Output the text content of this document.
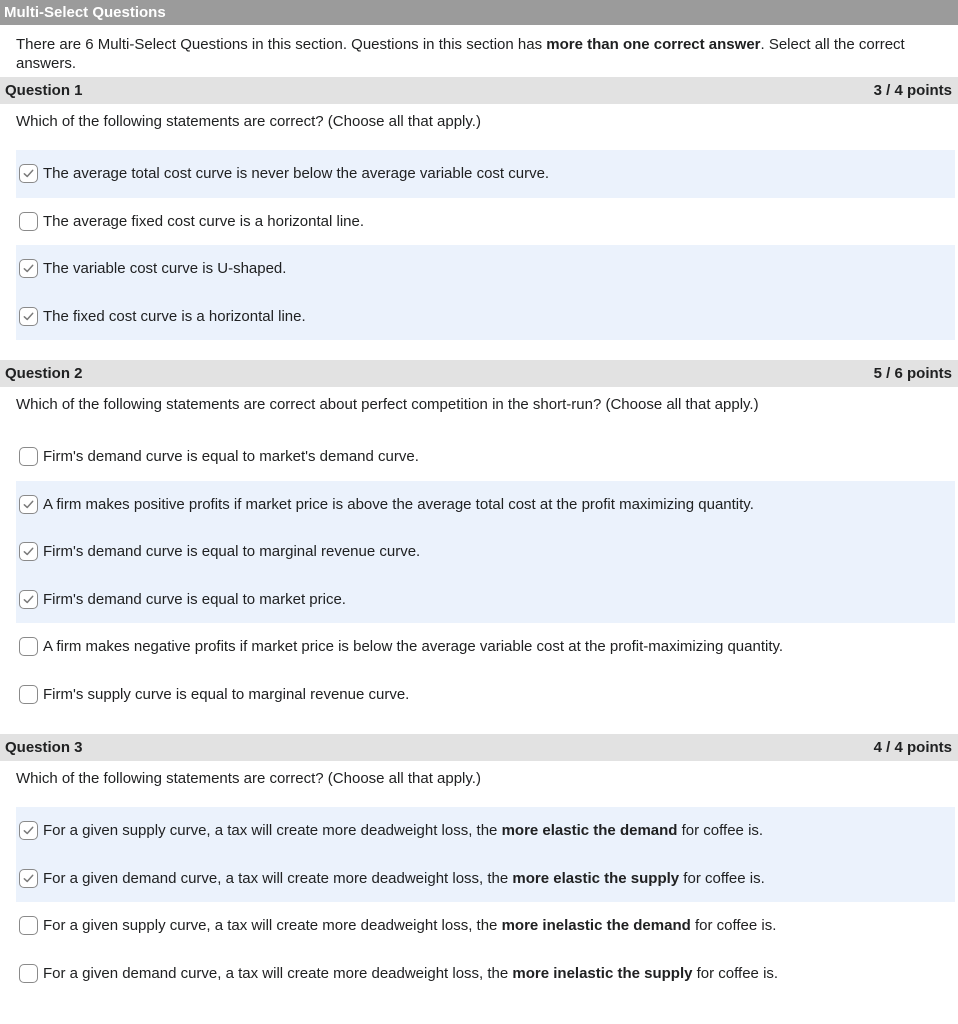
Multi-Select Questions
There are 6 Multi-Select Questions in this section. Questions in this section has more than one correct answer. Select all the correct answers.
Question 1	3 / 4 points
Which of the following statements are correct? (Choose all that apply.)
The average total cost curve is never below the average variable cost curve.
The average fixed cost curve is a horizontal line.
The variable cost curve is U-shaped.
The fixed cost curve is a horizontal line.
Question 2	5 / 6 points
Which of the following statements are correct about perfect competition in the short-run? (Choose all that apply.)
Firm's demand curve is equal to market's demand curve.
A firm makes positive profits if market price is above the average total cost at the profit maximizing quantity.
Firm's demand curve is equal to marginal revenue curve.
Firm's demand curve is equal to market price.
A firm makes negative profits if market price is below the average variable cost at the profit-maximizing quantity.
Firm's supply curve is equal to marginal revenue curve.
Question 3	4 / 4 points
Which of the following statements are correct? (Choose all that apply.)
For a given supply curve, a tax will create more deadweight loss, the more elastic the demand for coffee is.
For a given demand curve, a tax will create more deadweight loss, the more elastic the supply for coffee is.
For a given supply curve, a tax will create more deadweight loss, the more inelastic the demand for coffee is.
For a given demand curve, a tax will create more deadweight loss, the more inelastic the supply for coffee is.
